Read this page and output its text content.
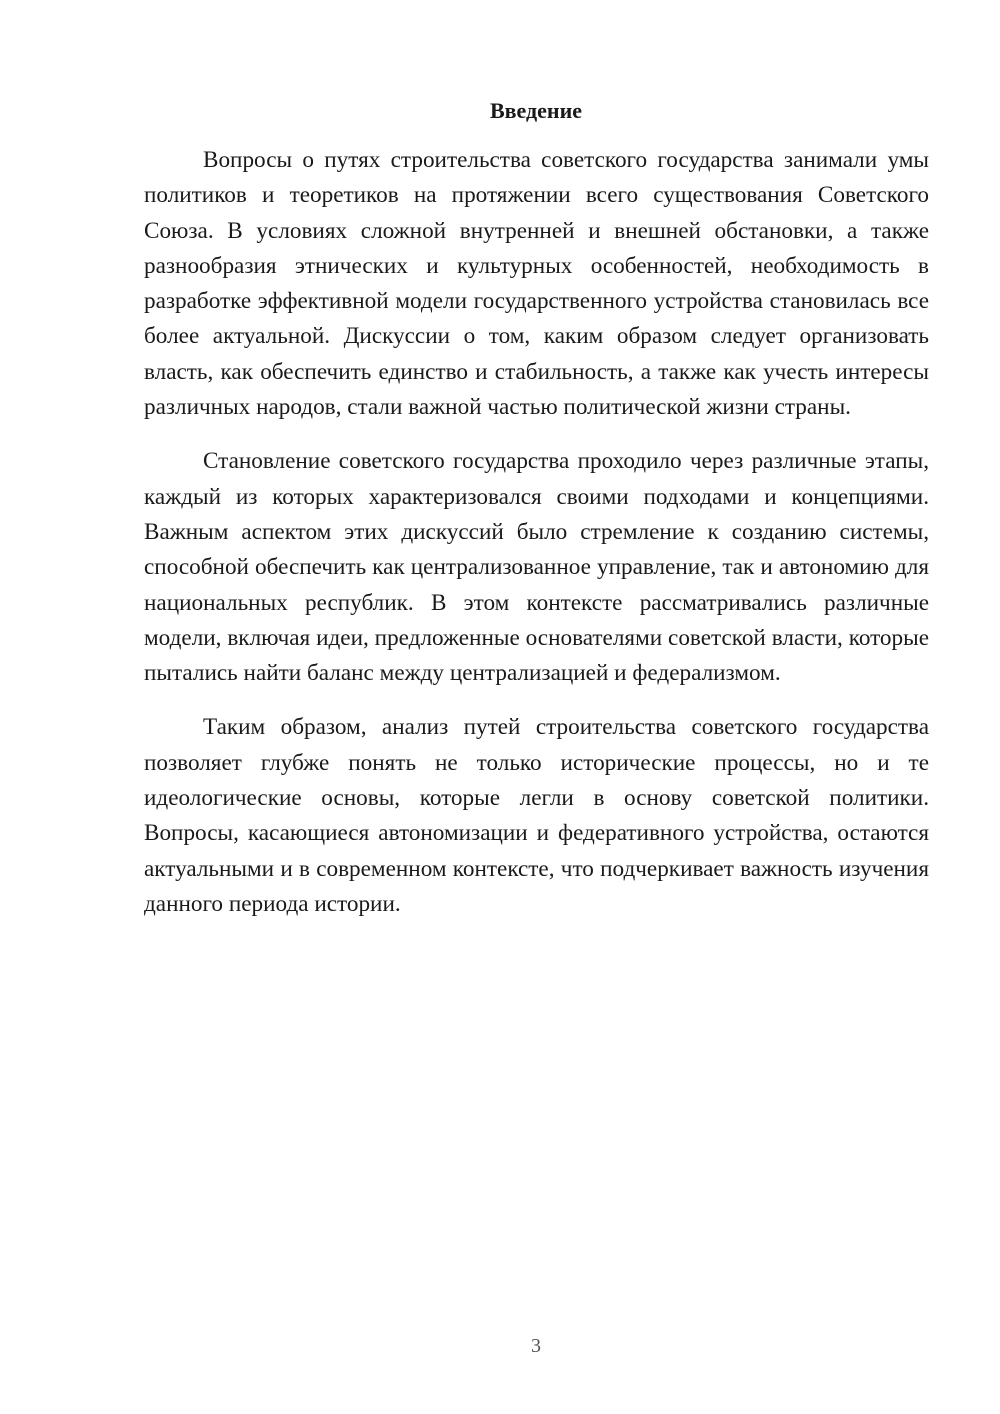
Введение

Вопросы о путях строительства советского государства занимали умы политиков и теоретиков на протяжении всего существования Советского Союза. В условиях сложной внутренней и внешней обстановки, а также разнообразия этнических и культурных особенностей, необходимость в разработке эффективной модели государственного устройства становилась все более актуальной. Дискуссии о том, каким образом следует организовать власть, как обеспечить единство и стабильность, а также как учесть интересы различных народов, стали важной частью политической жизни страны.

Становление советского государства проходило через различные этапы, каждый из которых характеризовался своими подходами и концепциями. Важным аспектом этих дискуссий было стремление к созданию системы, способной обеспечить как централизованное управление, так и автономию для национальных республик. В этом контексте рассматривались различные модели, включая идеи, предложенные основателями советской власти, которые пытались найти баланс между централизацией и федерализмом.

Таким образом, анализ путей строительства советского государства позволяет глубже понять не только исторические процессы, но и те идеологические основы, которые легли в основу советской политики. Вопросы, касающиеся автономизации и федеративного устройства, остаются актуальными и в современном контексте, что подчеркивает важность изучения данного периода истории.

3
